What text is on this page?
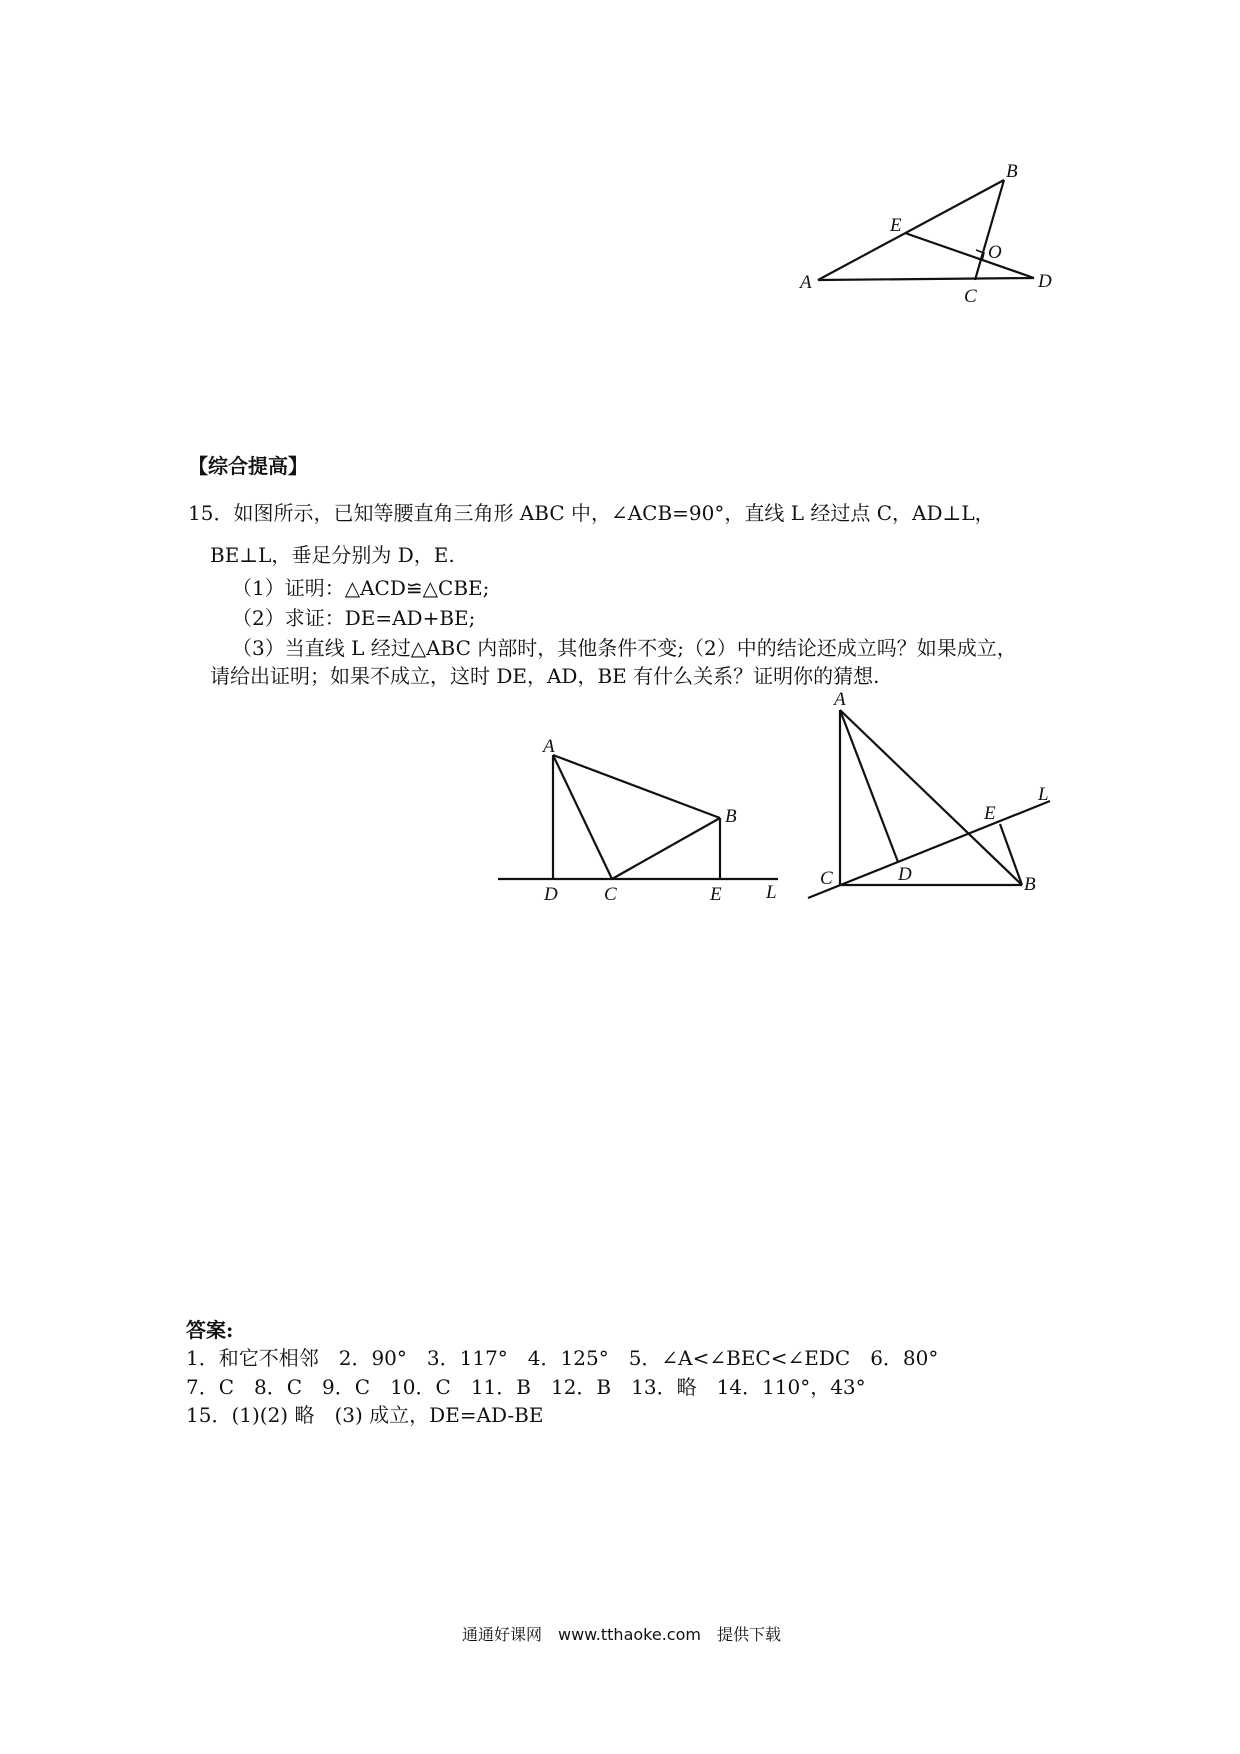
A
B
E
O
C
D
【综合提高】
15．如图所示，已知等腰直角三角形 ABC 中，∠ACB=90°，直线 L 经过点 C，AD⊥L，
BE⊥L，垂足分别为 D，E.
（1）证明：△ACD≌△CBE;
（2）求证：DE=AD+BE;
（3）当直线 L 经过△ABC 内部时，其他条件不变;（2）中的结论还成立吗？如果成立，
请给出证明；如果不成立，这时 DE，AD，BE 有什么关系？证明你的猜想.
A
B
D C	E L
A
C	D
E
L
B
答案:
1．和它不相邻　2．90°　3．117°　4．125°　5．∠A<∠BEC<∠EDC　6．80°
7．C　8．C　9．C　10．C　11．B　12．B　13．略　14．110°，43°
15．(1)(2) 略　(3) 成立，DE=AD-BE
通通好课网　www.tthaoke.com　提供下载
